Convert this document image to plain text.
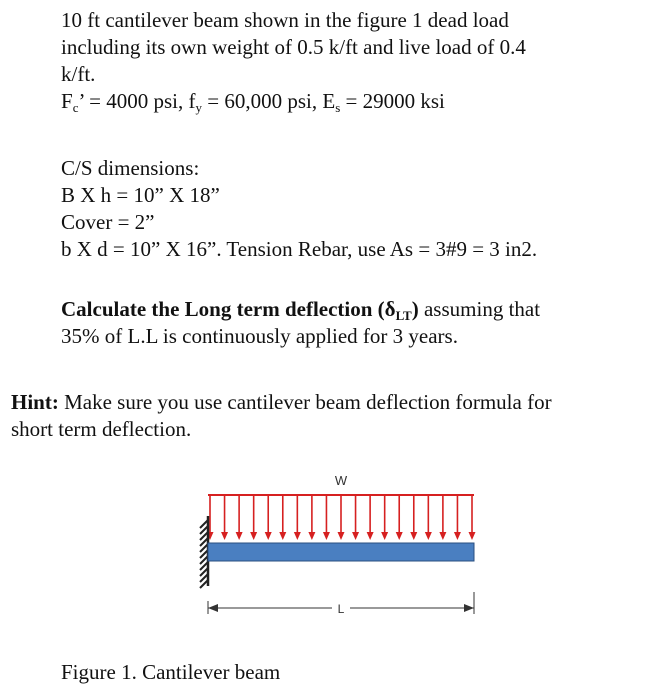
10 ft cantilever beam shown in the figure 1 dead load
including its own weight of 0.5 k/ft and live load of 0.4
k/ft.
$F_c$’ = 4000 psi, $f_y = 60,000$ psi, $E_s = 29000$ ksi
C/S dimensions:
B X h = 10” X 18”
Cover = 2”
b X d = 10” X 16”. Tension Rebar, use As = 3#9 = 3 in2.
Calculate the Long term deflection $(\delta_{LT})$ assuming that
35% of L.L is continuously applied for 3 years.
Hint: Make sure you use cantilever beam deflection formula for
short term deflection.
W
L
Figure 1. Cantilever beam
